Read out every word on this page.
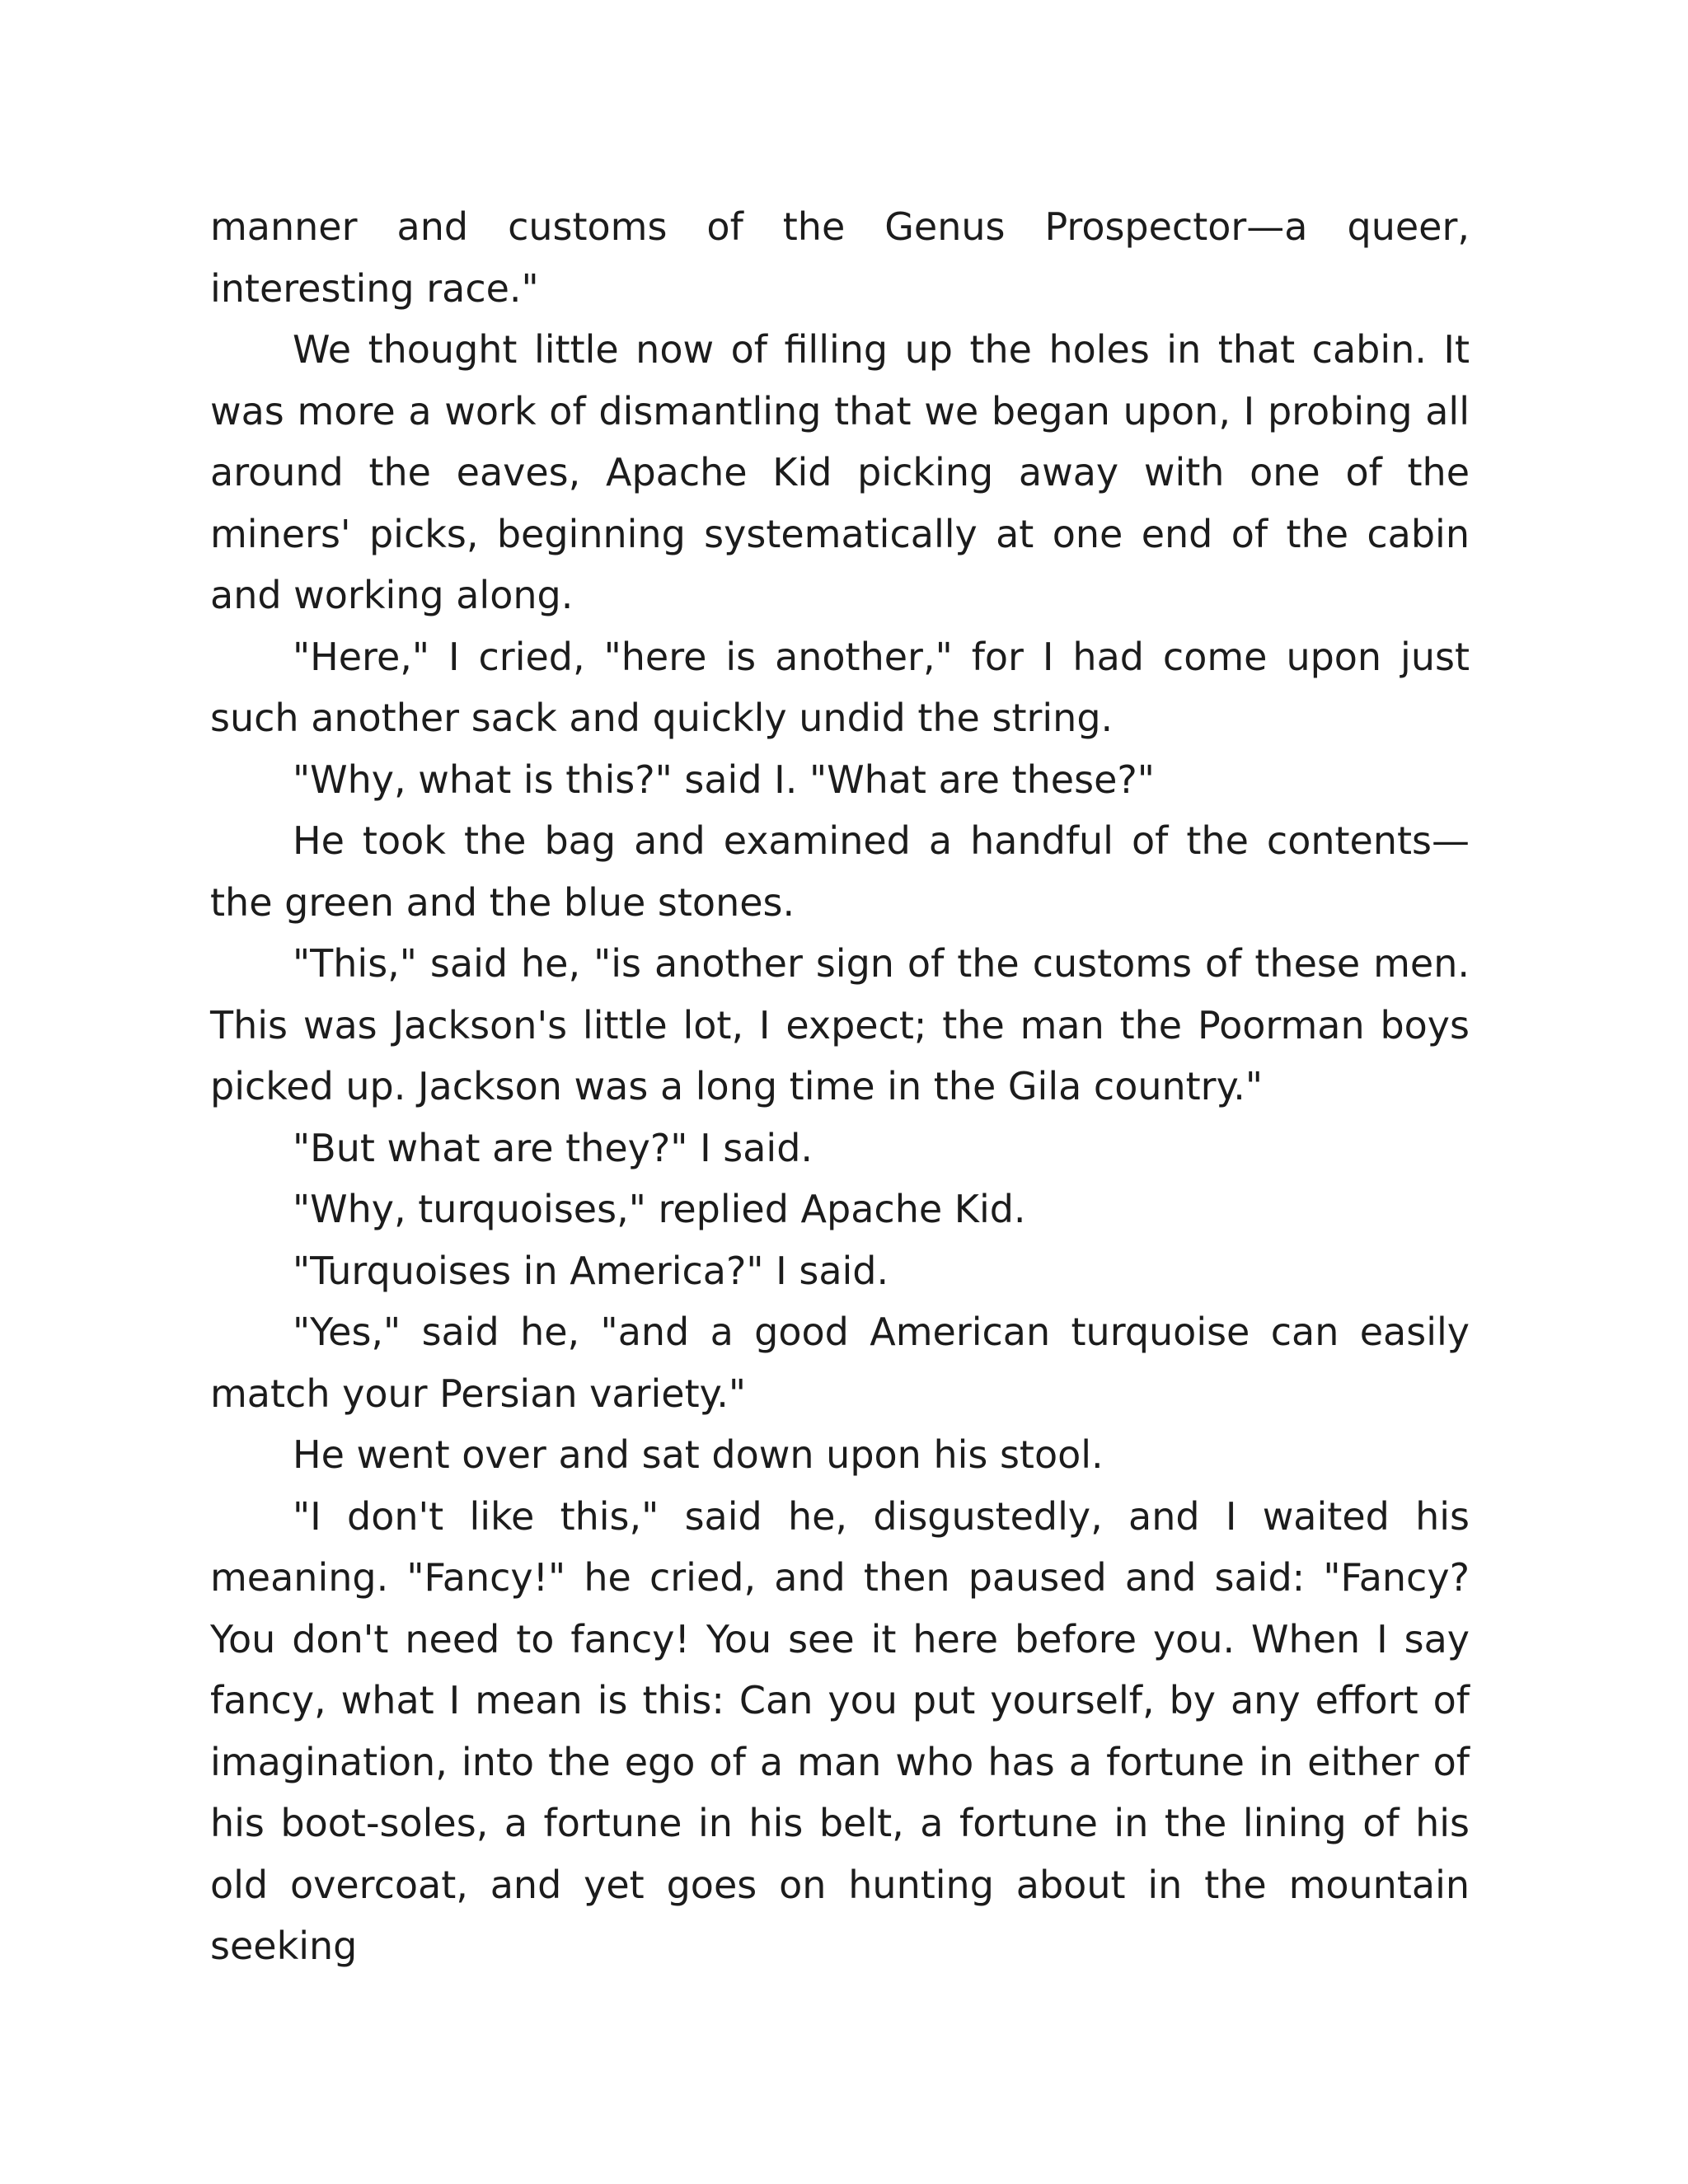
manner and customs of the Genus Prospector—a queer, interesting race."

We thought little now of filling up the holes in that cabin. It was more a work of dismantling that we began upon, I probing all around the eaves, Apache Kid picking away with one of the miners' picks, beginning systematically at one end of the cabin and working along.

"Here," I cried, "here is another," for I had come upon just such another sack and quickly undid the string.

"Why, what is this?" said I. "What are these?"

He took the bag and examined a handful of the contents—the green and the blue stones.

"This," said he, "is another sign of the customs of these men. This was Jackson's little lot, I expect; the man the Poorman boys picked up. Jackson was a long time in the Gila country."

"But what are they?" I said.

"Why, turquoises," replied Apache Kid.

"Turquoises in America?" I said.

"Yes," said he, "and a good American turquoise can easily match your Persian variety."

He went over and sat down upon his stool.

"I don't like this," said he, disgustedly, and I waited his meaning. "Fancy!" he cried, and then paused and said: "Fancy? You don't need to fancy! You see it here before you. When I say fancy, what I mean is this: Can you put yourself, by any effort of imagination, into the ego of a man who has a fortune in either of his boot-soles, a fortune in his belt, a fortune in the lining of his old overcoat, and yet goes on hunting about in the mountain seeking
